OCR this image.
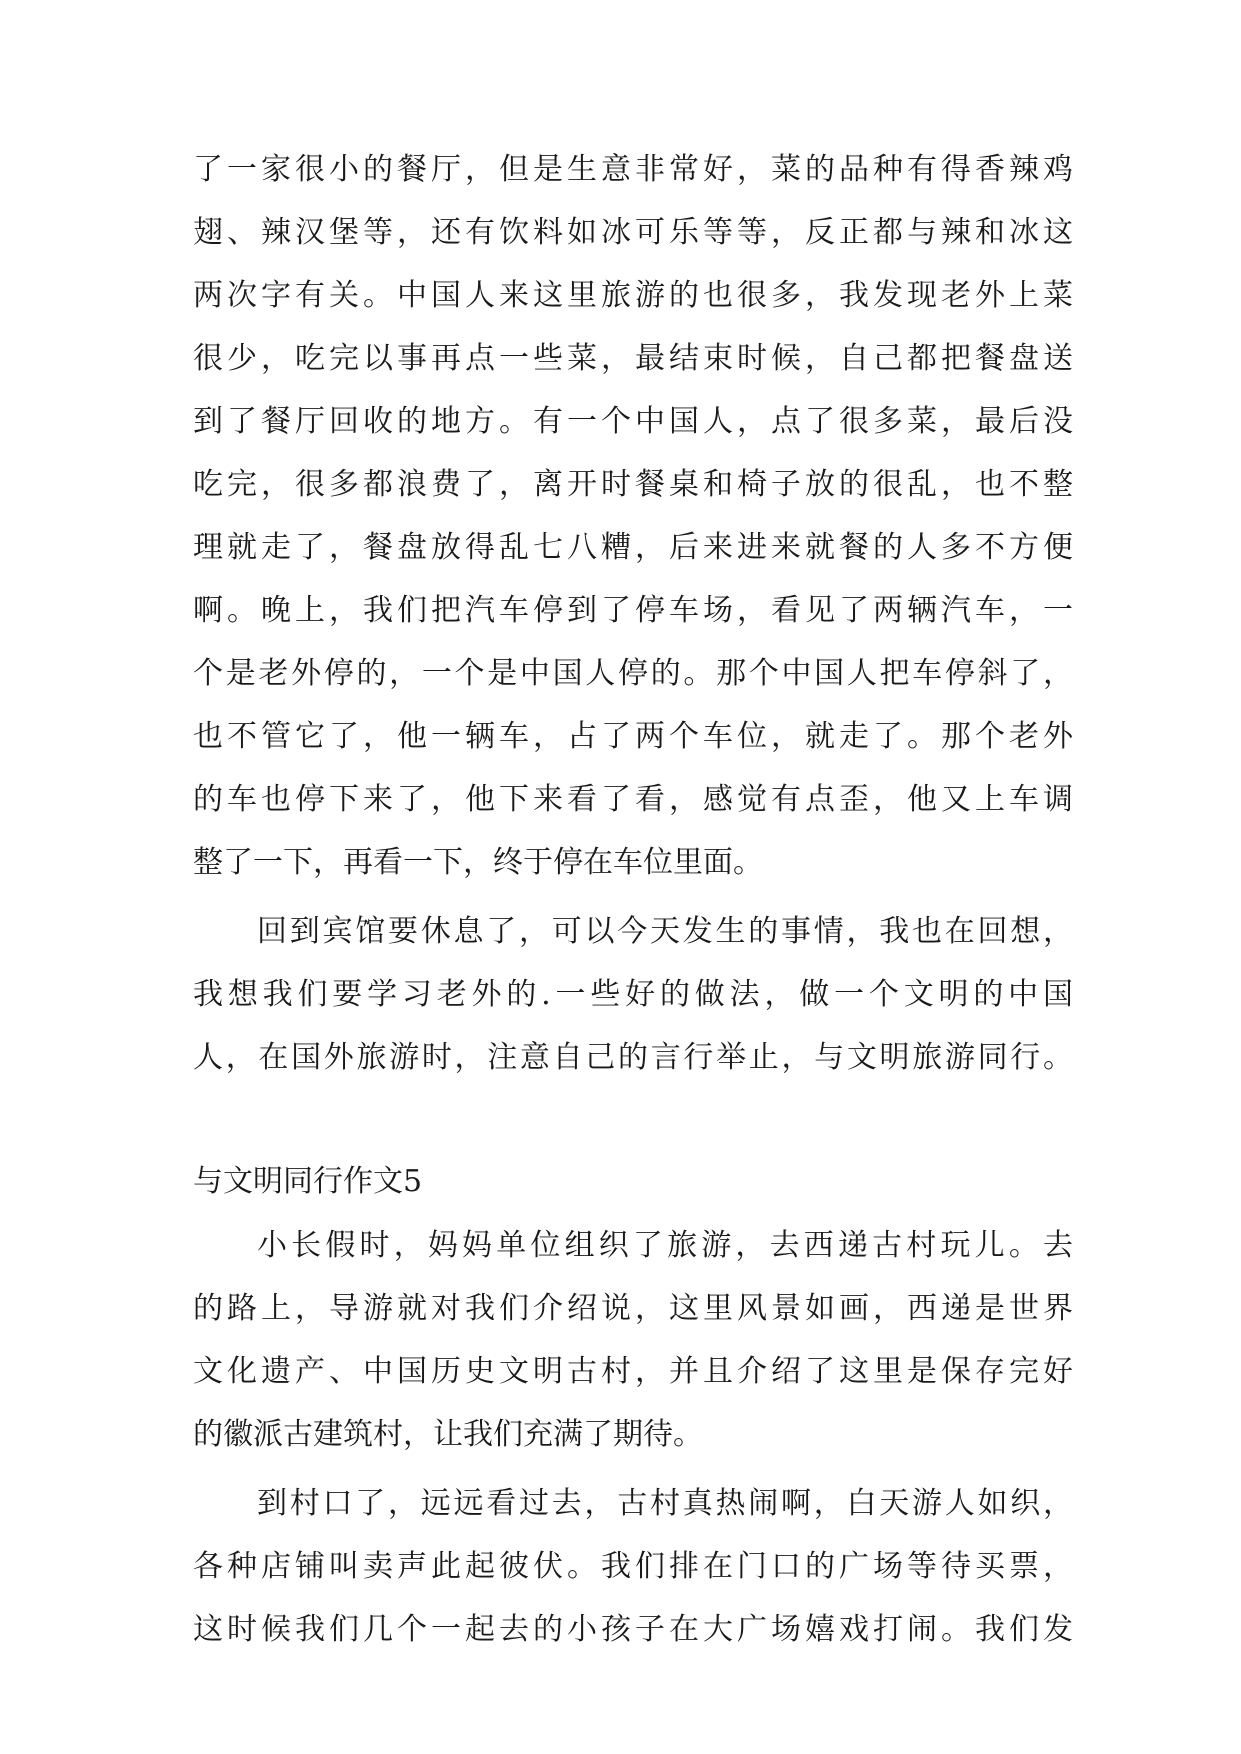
了一家很小的餐厅，但是生意非常好，菜的品种有得香辣鸡
翅、辣汉堡等，还有饮料如冰可乐等等，反正都与辣和冰这
两次字有关。中国人来这里旅游的也很多，我发现老外上菜
很少，吃完以事再点一些菜，最结束时候，自己都把餐盘送
到了餐厅回收的地方。有一个中国人，点了很多菜，最后没
吃完，很多都浪费了，离开时餐桌和椅子放的很乱，也不整
理就走了，餐盘放得乱七八糟，后来进来就餐的人多不方便
啊。晚上，我们把汽车停到了停车场，看见了两辆汽车，一
个是老外停的，一个是中国人停的。那个中国人把车停斜了，
也不管它了，他一辆车，占了两个车位，就走了。那个老外
的车也停下来了，他下来看了看，感觉有点歪，他又上车调
整了一下，再看一下，终于停在车位里面。
回到宾馆要休息了，可以今天发生的事情，我也在回想，
我想我们要学习老外的.一些好的做法，做一个文明的中国
人，在国外旅游时，注意自己的言行举止，与文明旅游同行。
与文明同行作文5
小长假时，妈妈单位组织了旅游，去西递古村玩儿。去
的路上，导游就对我们介绍说，这里风景如画，西递是世界
文化遗产、中国历史文明古村，并且介绍了这里是保存完好
的徽派古建筑村，让我们充满了期待。
到村口了，远远看过去，古村真热闹啊，白天游人如织，
各种店铺叫卖声此起彼伏。我们排在门口的广场等待买票，
这时候我们几个一起去的小孩子在大广场嬉戏打闹。我们发
